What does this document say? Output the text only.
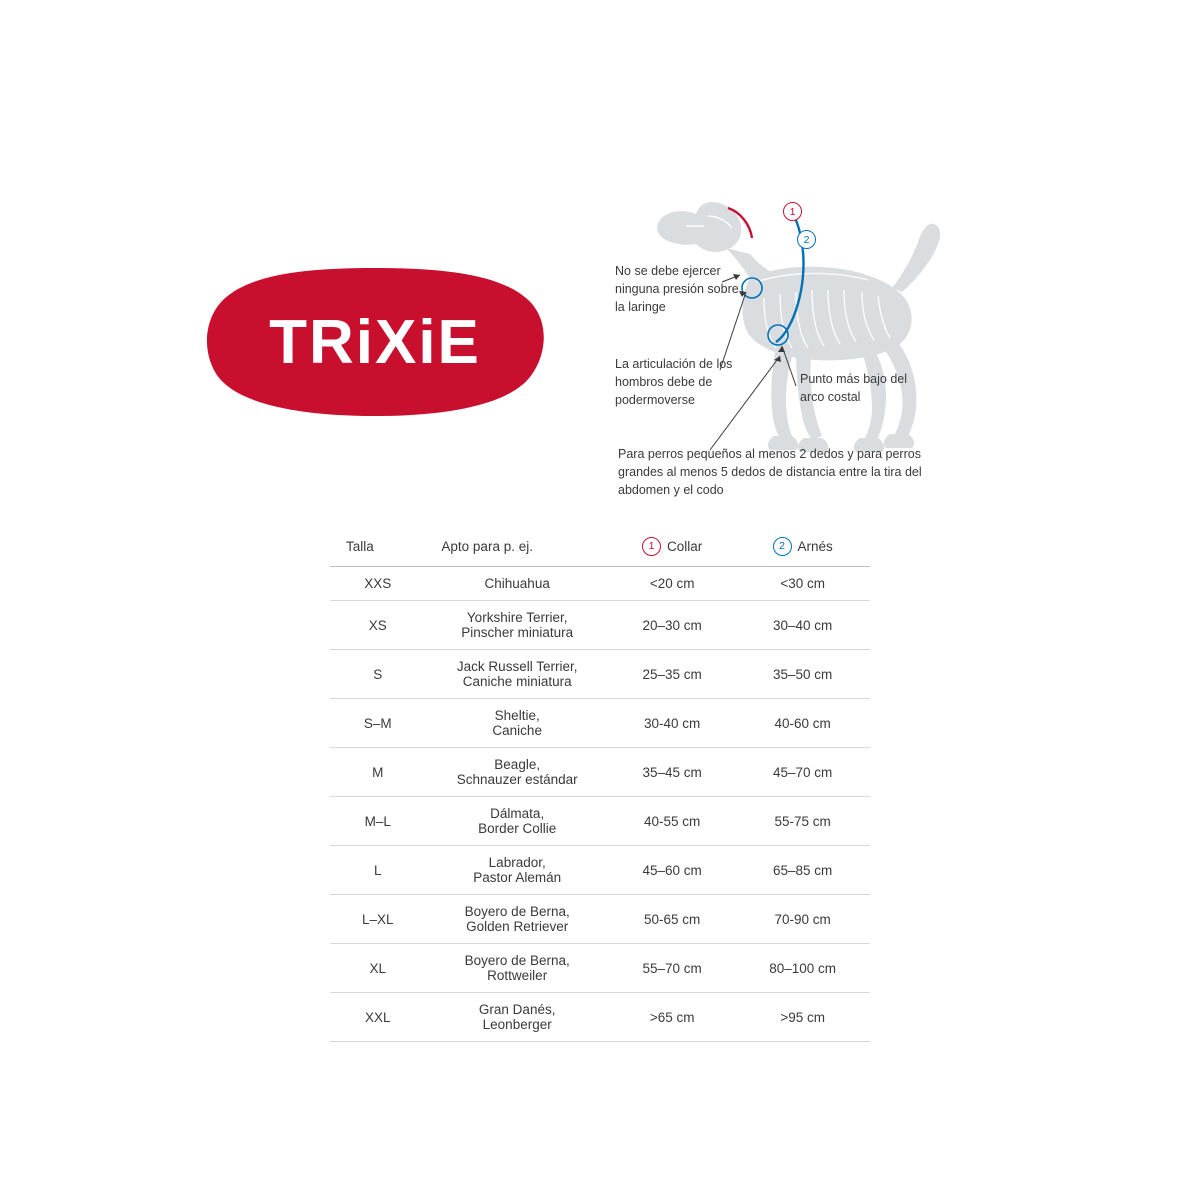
TRiXiE
1
2
No se debe ejercer ninguna presión sobre la laringe
La articulación de los hombros debe de podermoverse
Punto más bajo del arco costal
Para perros pequeños al menos 2 dedos y para perros grandes al menos 5 dedos de distancia entre la tira del abdomen y el codo
Talla	Apto para p. ej.	1 Collar	2 Arnés

XXS	Chihuahua	<20 cm	<30 cm
XS	Yorkshire Terrier,
Pinscher miniatura	20–30 cm	30–40 cm
S	Jack Russell Terrier,
Caniche miniatura	25–35 cm	35–50 cm
S–M	Sheltie,
Caniche	30-40 cm	40-60 cm
M	Beagle,
Schnauzer estándar	35–45 cm	45–70 cm
M–L	Dálmata,
Border Collie	40-55 cm	55-75 cm
L	Labrador,
Pastor Alemán	45–60 cm	65–85 cm
L–XL	Boyero de Berna,
Golden Retriever	50-65 cm	70-90 cm
XL	Boyero de Berna,
Rottweiler	55–70 cm	80–100 cm
XXL	Gran Danés,
Leonberger	>65 cm	>95 cm
